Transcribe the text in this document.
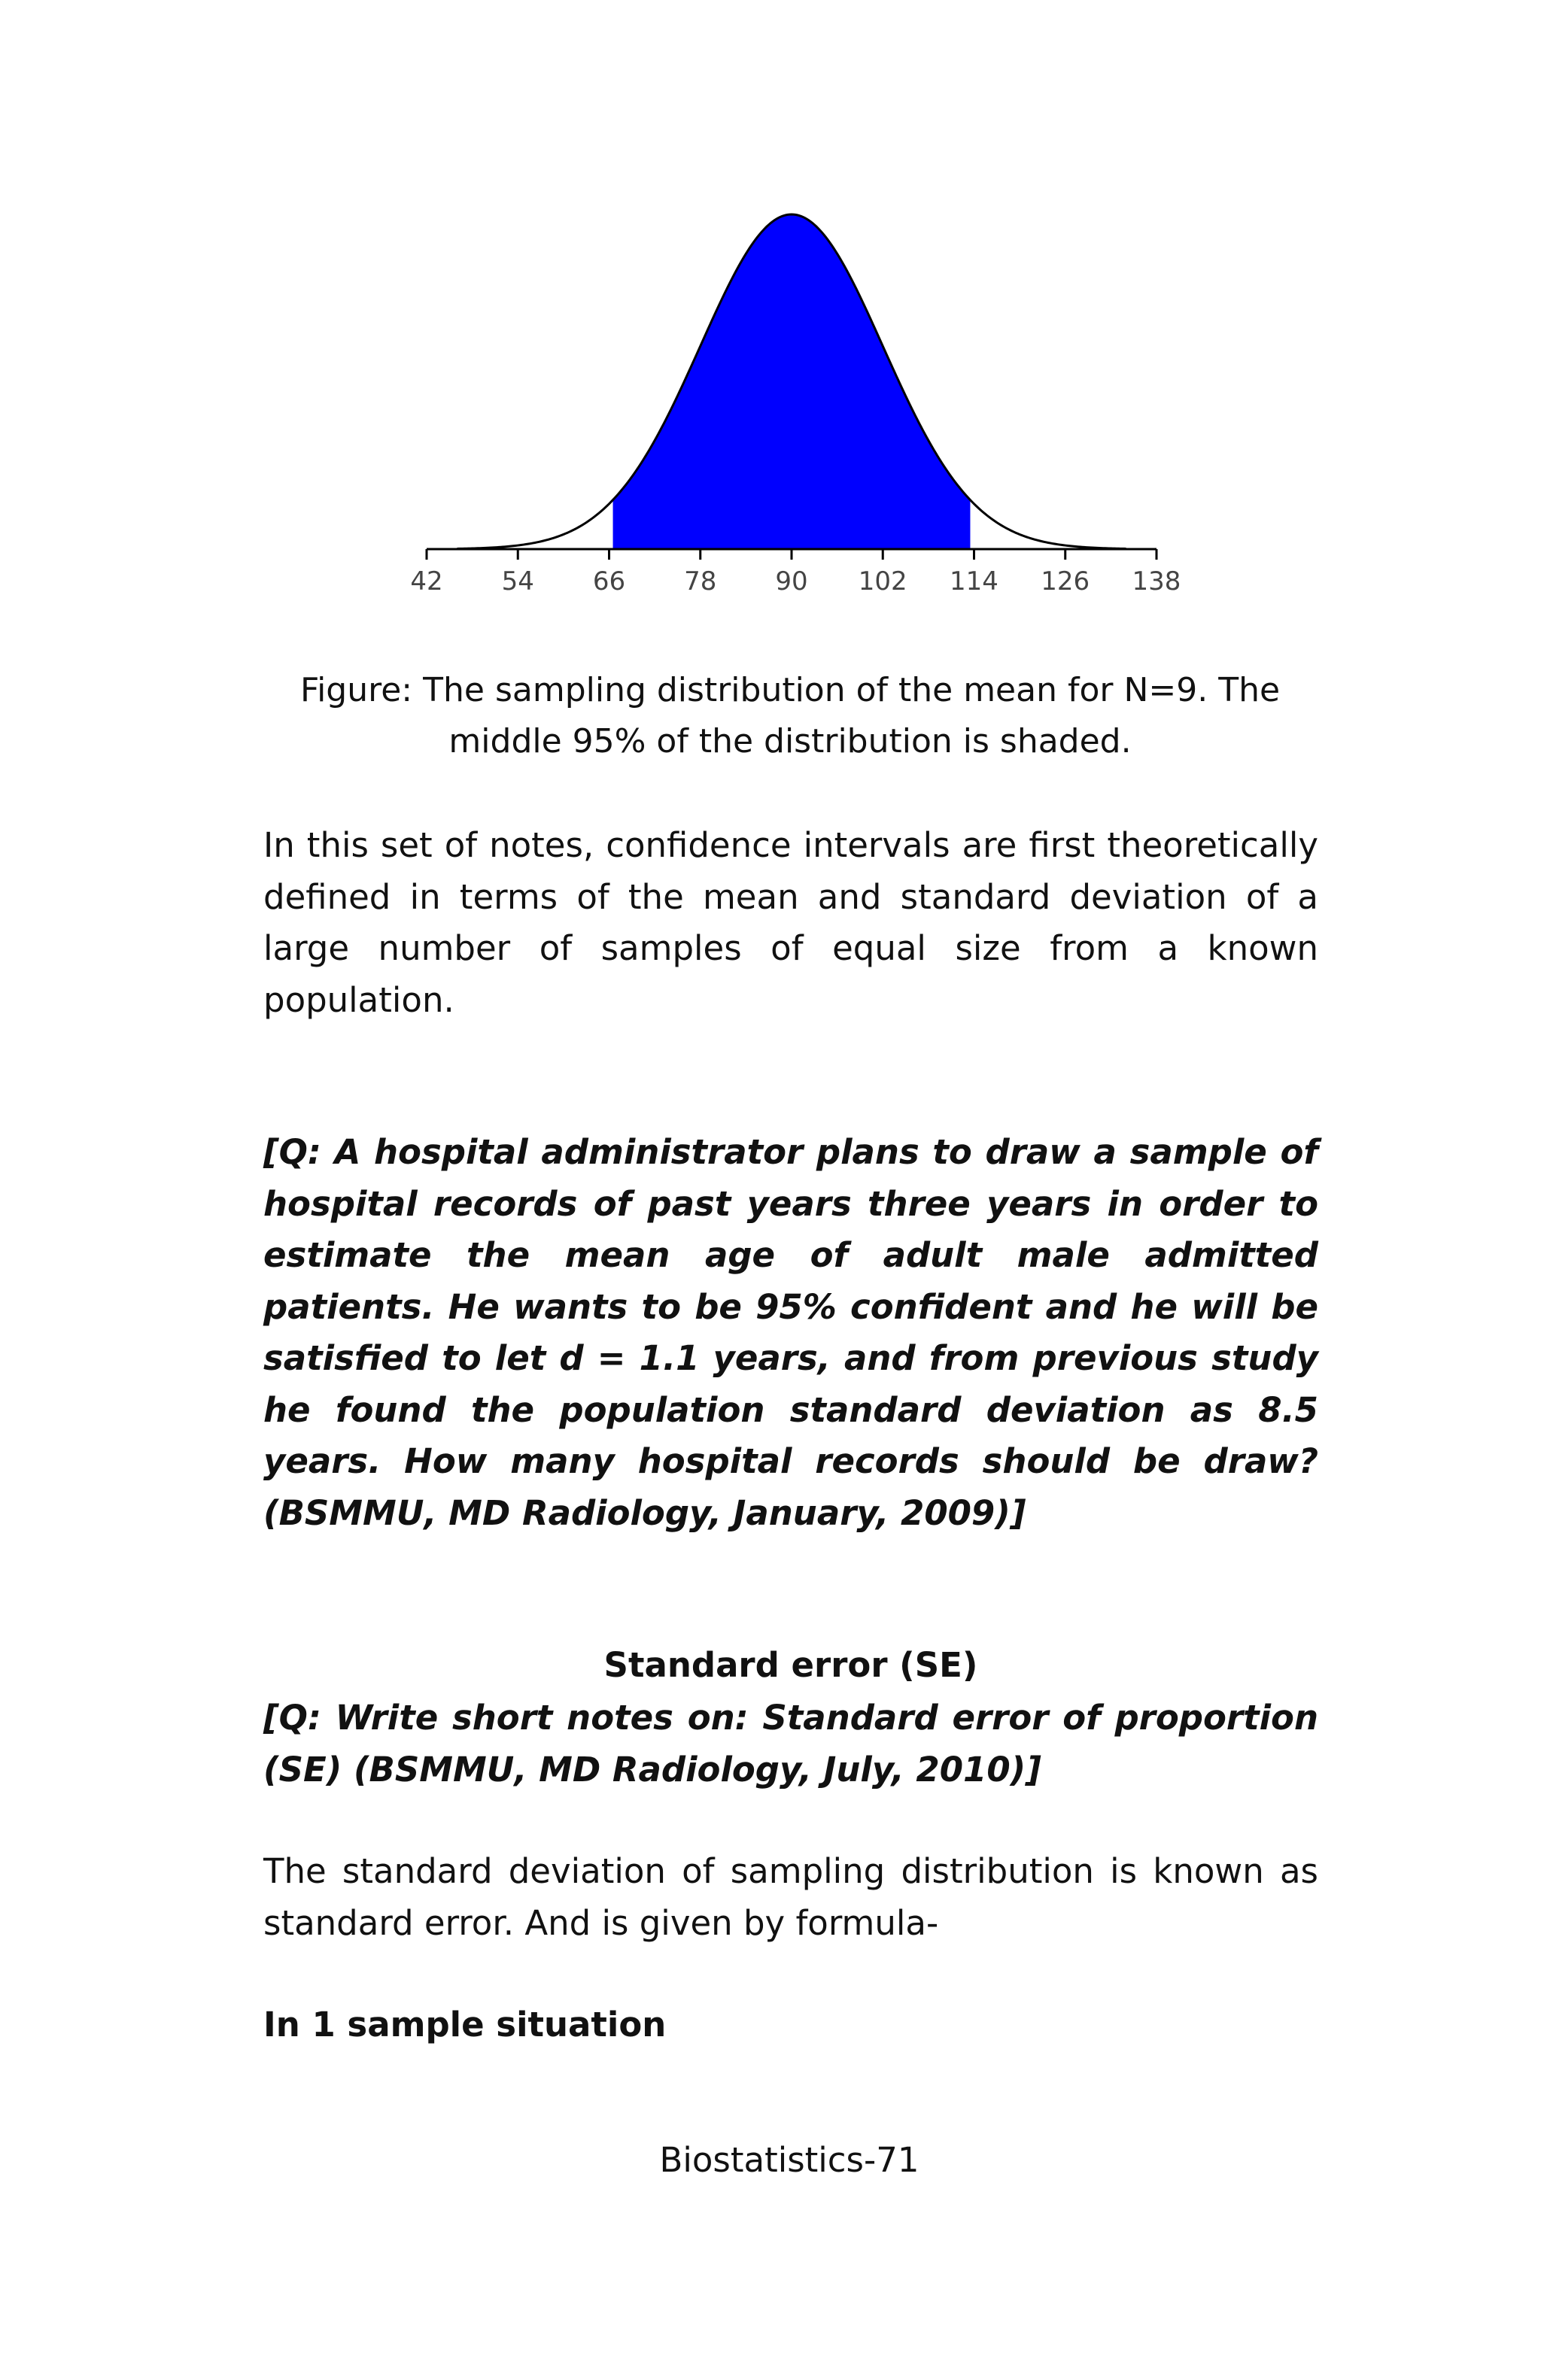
42 54 66 78 90 102 114 126 138
Figure: The sampling distribution of the mean for N=9. The middle 95% of the distribution is shaded.
In this set of notes, confidence intervals are first theoretically defined in terms of the mean and standard deviation of a large number of samples of equal size from a known population.
[Q: A hospital administrator plans to draw a sample of hospital records of past years three years in order to estimate the mean age of adult male admitted patients. He wants to be 95% confident and he will be satisfied to let d = 1.1 years, and from previous study he found the population standard deviation as 8.5 years. How many hospital records should be draw? (BSMMU, MD Radiology, January, 2009)]
Standard error (SE)
[Q: Write short notes on: Standard error of proportion (SE) (BSMMU, MD Radiology, July, 2010)]
The standard deviation of sampling distribution is known as standard error. And is given by formula-
In 1 sample situation
Biostatistics-71
